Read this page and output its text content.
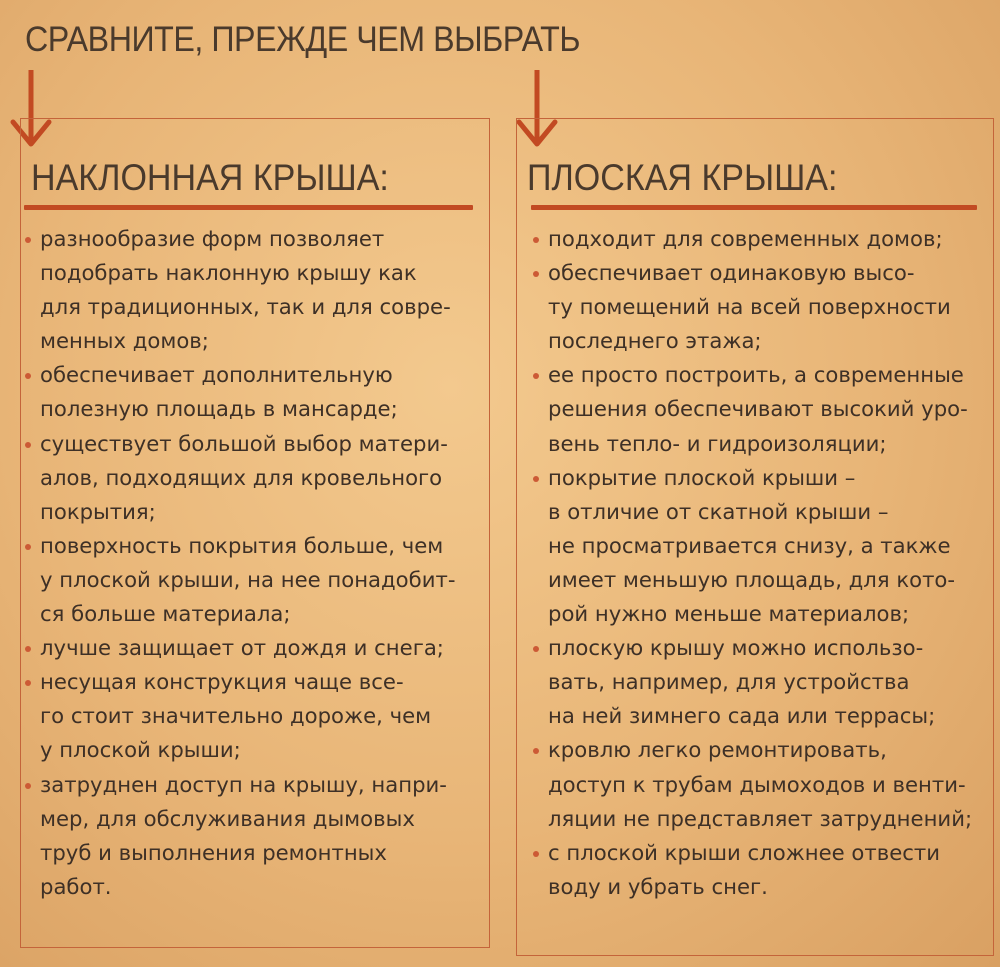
СРАВНИТЕ, ПРЕЖДЕ ЧЕМ ВЫБРАТЬ
НАКЛОННАЯ КРЫША:
разнообразие форм позволяет
подобрать наклонную крышу как
для традиционных, так и для совре-
менных домов;
обеспечивает дополнительную
полезную площадь в мансарде;
существует большой выбор матери-
алов, подходящих для кровельного
покрытия;
поверхность покрытия больше, чем
у плоской крыши, на нее понадобит-
ся больше материала;
лучше защищает от дождя и снега;
несущая конструкция чаще все-
го стоит значительно дороже, чем
у плоской крыши;
затруднен доступ на крышу, напри-
мер, для обслуживания дымовых
труб и выполнения ремонтных
работ.
ПЛОСКАЯ КРЫША:
подходит для современных домов;
обеспечивает одинаковую высо-
ту помещений на всей поверхности
последнего этажа;
ее просто построить, а современные
решения обеспечивают высокий уро-
вень тепло- и гидроизоляции;
покрытие плоской крыши –
в отличие от скатной крыши –
не просматривается снизу, а также
имеет меньшую площадь, для кото-
рой нужно меньше материалов;
плоскую крышу можно использо-
вать, например, для устройства
на ней зимнего сада или террасы;
кровлю легко ремонтировать,
доступ к трубам дымоходов и венти-
ляции не представляет затруднений;
с плоской крыши сложнее отвести
воду и убрать снег.
